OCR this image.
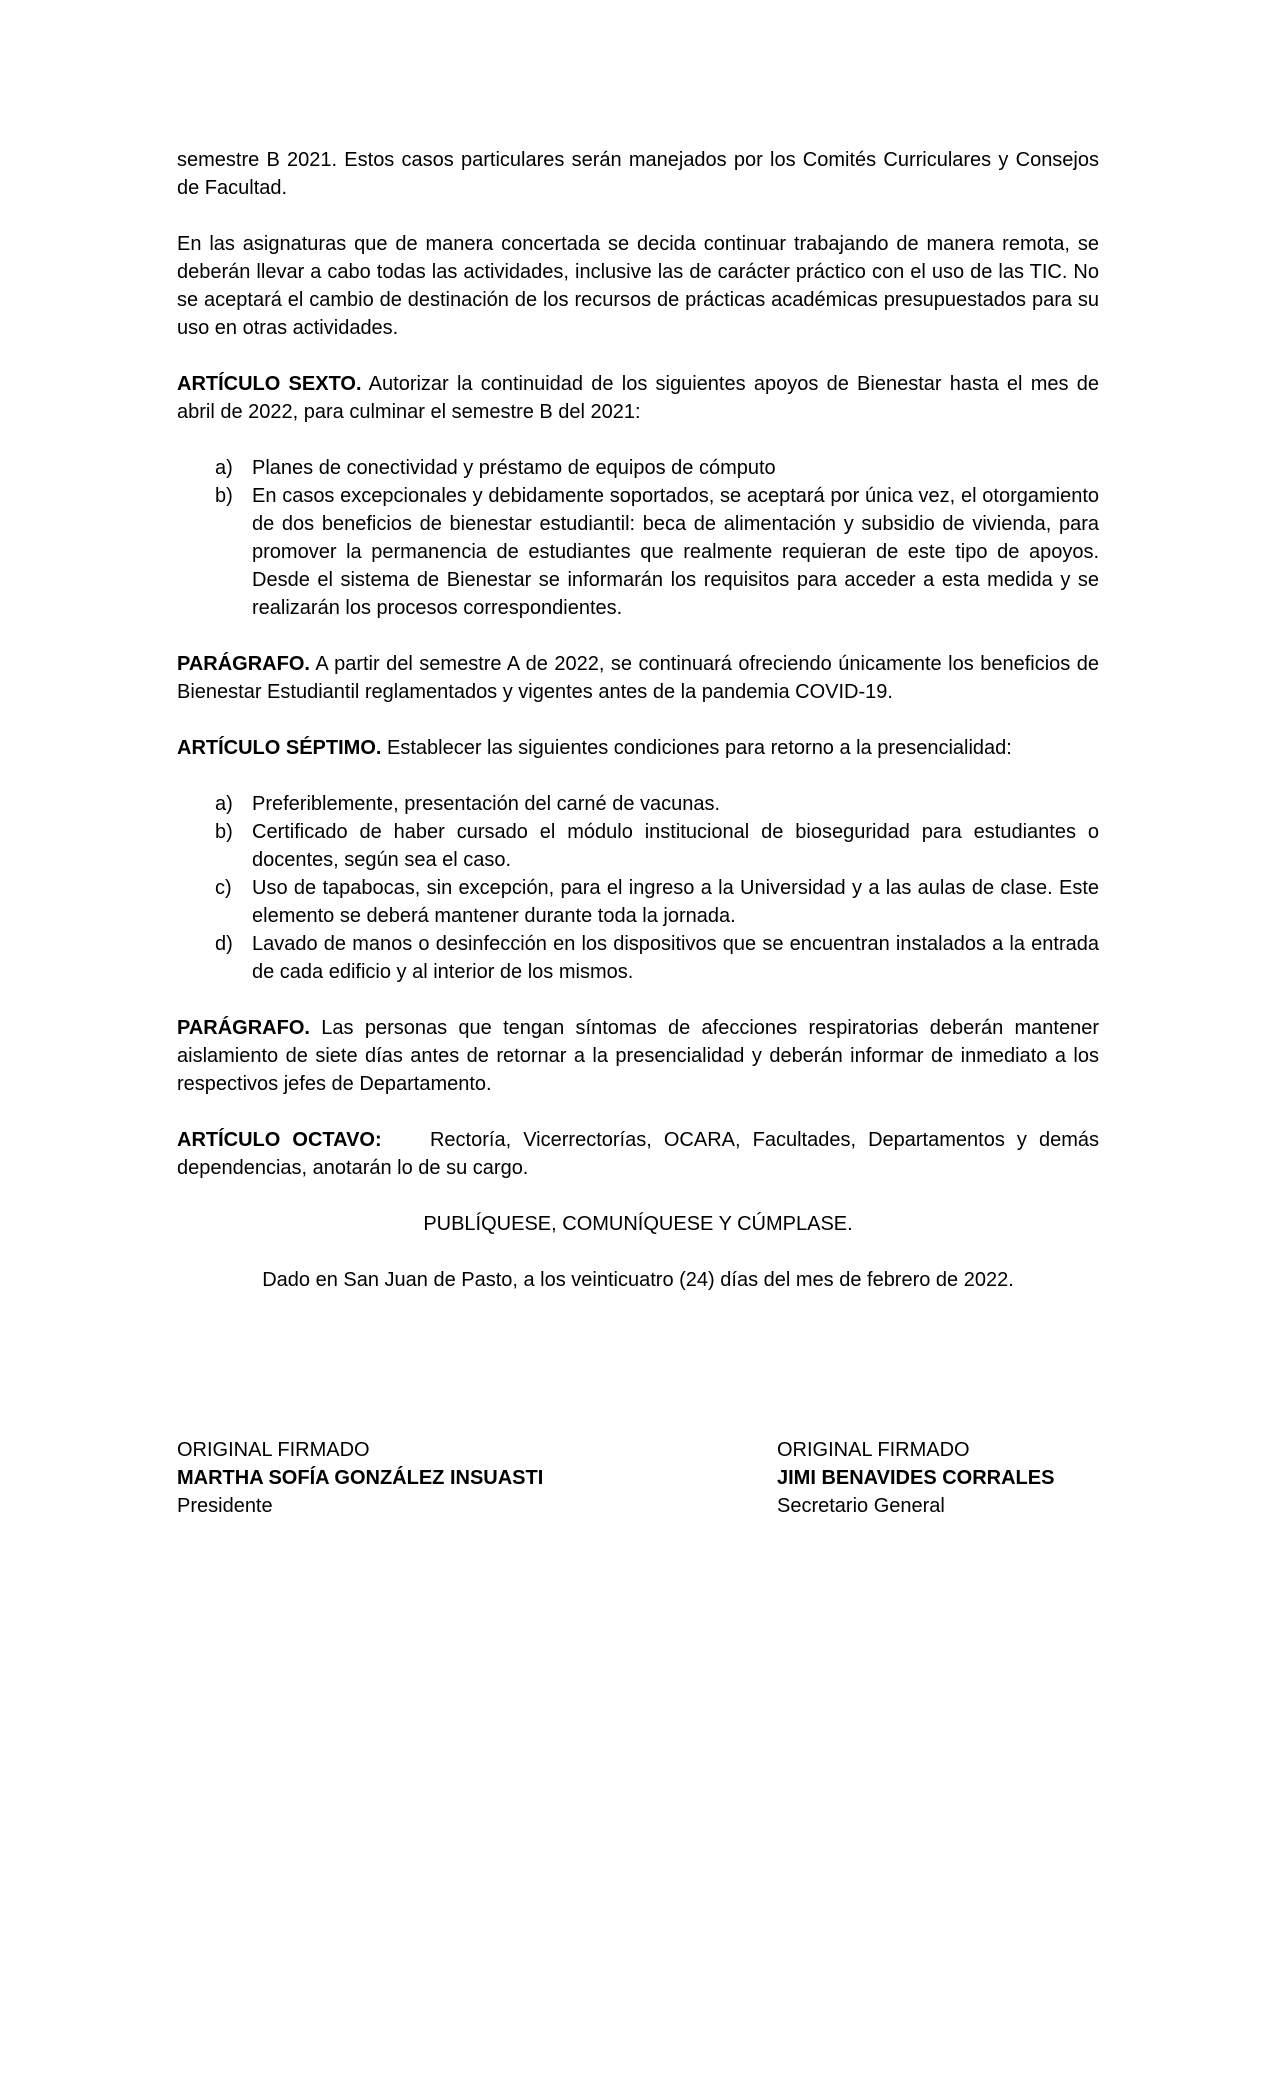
semestre B 2021. Estos casos particulares serán manejados por los Comités Curriculares y Consejos de Facultad.

En las asignaturas que de manera concertada se decida continuar trabajando de manera remota, se deberán llevar a cabo todas las actividades, inclusive las de carácter práctico con el uso de las TIC. No se aceptará el cambio de destinación de los recursos de prácticas académicas presupuestados para su uso en otras actividades.

ARTÍCULO SEXTO. Autorizar la continuidad de los siguientes apoyos de Bienestar hasta el mes de abril de 2022, para culminar el semestre B del 2021:

a) Planes de conectividad y préstamo de equipos de cómputo
b) En casos excepcionales y debidamente soportados, se aceptará por única vez, el otorgamiento de dos beneficios de bienestar estudiantil: beca de alimentación y subsidio de vivienda, para promover la permanencia de estudiantes que realmente requieran de este tipo de apoyos. Desde el sistema de Bienestar se informarán los requisitos para acceder a esta medida y se realizarán los procesos correspondientes.

PARÁGRAFO. A partir del semestre A de 2022, se continuará ofreciendo únicamente los beneficios de Bienestar Estudiantil reglamentados y vigentes antes de la pandemia COVID-19.

ARTÍCULO SÉPTIMO. Establecer las siguientes condiciones para retorno a la presencialidad:

a) Preferiblemente, presentación del carné de vacunas.
b) Certificado de haber cursado el módulo institucional de bioseguridad para estudiantes o docentes, según sea el caso.
c)	Uso de tapabocas, sin excepción, para el ingreso a la Universidad y a las aulas de clase. Este elemento se deberá mantener durante toda la jornada.
d) Lavado de manos o desinfección en los dispositivos que se encuentran instalados a la entrada de cada edificio y al interior de los mismos.

PARÁGRAFO. Las personas que tengan síntomas de afecciones respiratorias deberán mantener aislamiento de siete días antes de retornar a la presencialidad y deberán informar de inmediato a los respectivos jefes de Departamento.

ARTÍCULO OCTAVO:    Rectoría, Vicerrectorías, OCARA, Facultades, Departamentos y demás dependencias, anotarán lo de su cargo.

PUBLÍQUESE, COMUNÍQUESE Y CÚMPLASE.

Dado en San Juan de Pasto, a los veinticuatro (24) días del mes de febrero de 2022.

ORIGINAL FIRMADO
MARTHA SOFÍA GONZÁLEZ INSUASTI
Presidente
ORIGINAL FIRMADO
JIMI BENAVIDES CORRALES
Secretario General
